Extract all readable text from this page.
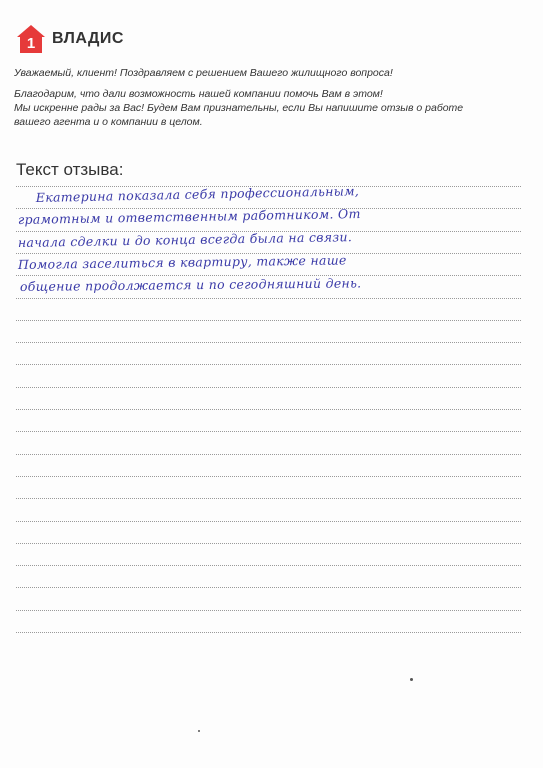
1 ВЛАДИС

Уважаемый, клиент! Поздравляем с решением Вашего жилищного вопроса!

Благодарим, что дали возможность нашей компании помочь Вам в этом!
Мы искренне рады за Вас! Будем Вам признательны, если Вы напишите отзыв о работе
вашего агента и о компании в целом.

Текст отзыва:
Екатерина показала себя профессиональным,
грамотным и ответственным работником. От
начала сделки и до конца всегда была на связи.
Помогла заселиться в квартиру, также наше
общение продолжается и по сегодняшний день.
